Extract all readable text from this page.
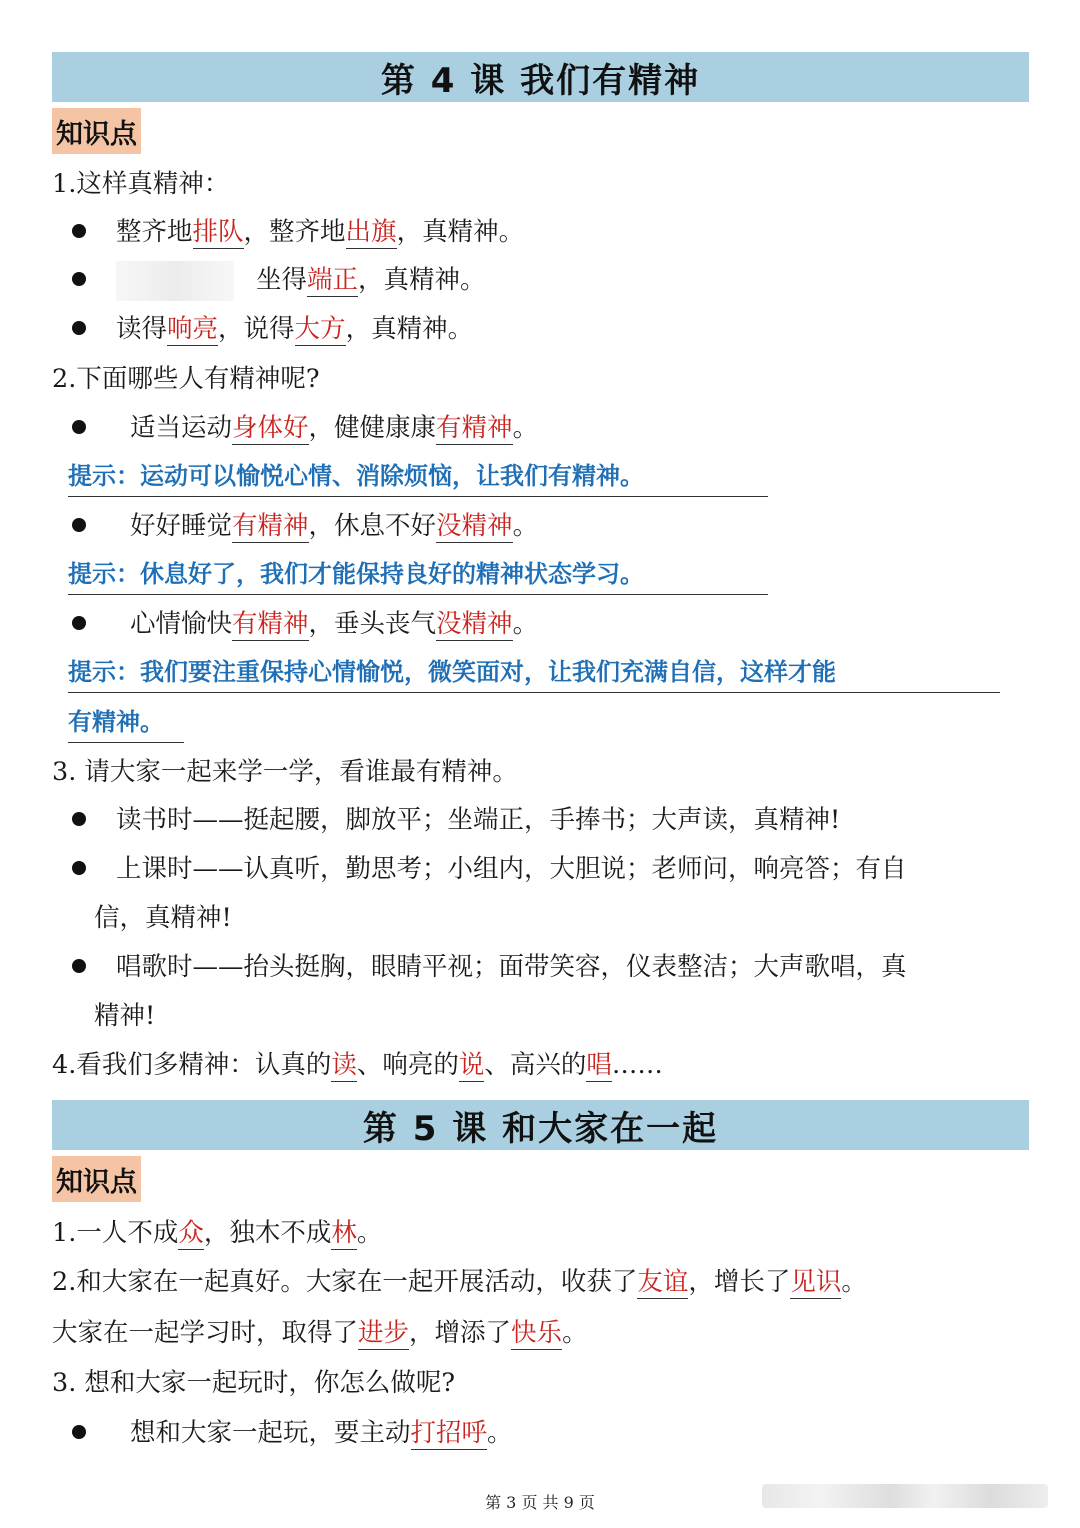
第 4 课 我们有精神
知识点
1.这样真精神：
整齐地排队，整齐地出旗，真精神。
坐得端正，真精神。
读得响亮，说得大方，真精神。
2.下面哪些人有精神呢?
适当运动身体好，健健康康有精神。
提示：运动可以愉悦心情、消除烦恼，让我们有精神。
好好睡觉有精神，休息不好没精神。
提示：休息好了，我们才能保持良好的精神状态学习。
心情愉快有精神，垂头丧气没精神。
提示：我们要注重保持心情愉悦，微笑面对，让我们充满自信，这样才能
有精神。
3. 请大家一起来学一学，看谁最有精神。
读书时——挺起腰，脚放平；坐端正，手捧书；大声读，真精神!
上课时——认真听，勤思考；小组内，大胆说；老师问，响亮答；有自
信，真精神!
唱歌时——抬头挺胸，眼睛平视；面带笑容，仪表整洁；大声歌唱，真
精神!
4.看我们多精神：认真的读、响亮的说、高兴的唱……
第 5 课 和大家在一起
知识点
1.一人不成众，独木不成林。
2.和大家在一起真好。大家在一起开展活动，收获了友谊，增长了见识。
大家在一起学习时，取得了进步，增添了快乐。
3. 想和大家一起玩时，你怎么做呢?
想和大家一起玩，要主动打招呼。
第 3 页 共 9 页
